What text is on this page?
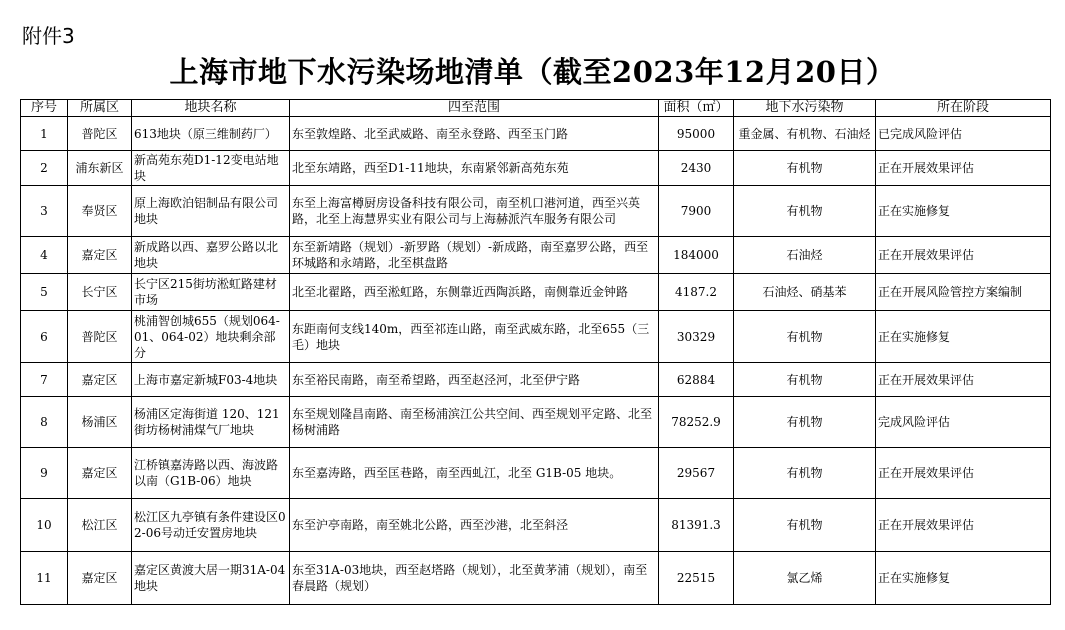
附件3
上海市地下水污染场地清单（截至2023年12月20日）
序号	所属区	地块名称	四至范围	面积（㎡）	地下水污染物	所在阶段
1	普陀区	613地块（原三维制药厂）	东至敦煌路、北至武威路、南至永登路、西至玉门路	95000	重金属、有机物、石油烃	已完成风险评估
2	浦东新区	新高苑东苑D1-12变电站地块	北至东靖路，西至D1-11地块，东南紧邻新高苑东苑	2430	有机物	正在开展效果评估
3	奉贤区	原上海欧泊铝制品有限公司地块	东至上海富樽厨房设备科技有限公司，南至机口港河道，西至兴英路，北至上海慧界实业有限公司与上海赫派汽车服务有限公司	7900	有机物	正在实施修复
4	嘉定区	新成路以西、嘉罗公路以北地块	东至新靖路（规划）-新罗路（规划）-新成路，南至嘉罗公路，西至环城路和永靖路，北至棋盘路	184000	石油烃	正在开展效果评估
5	长宁区	长宁区215街坊淞虹路建材市场	北至北翟路，西至淞虹路，东侧靠近西陶浜路，南侧靠近金钟路	4187.2	石油烃、硝基苯	正在开展风险管控方案编制
6	普陀区	桃浦智创城655（规划064-01、064-02）地块剩余部分	东距南何支线140m，西至祁连山路，南至武威东路，北至655（三毛）地块	30329	有机物	正在实施修复
7	嘉定区	上海市嘉定新城F03-4地块	东至裕民南路，南至希望路，西至赵泾河，北至伊宁路	62884	有机物	正在开展效果评估
8	杨浦区	杨浦区定海街道 120、121 街坊杨树浦煤气厂地块	东至规划隆昌南路、南至杨浦滨江公共空间、西至规划平定路、北至杨树浦路	78252.9	有机物	完成风险评估
9	嘉定区	江桥镇嘉涛路以西、海波路以南（G1B-06）地块	东至嘉涛路，西至匡巷路，南至西虬江，北至 G1B-05 地块。	29567	有机物	正在开展效果评估
10	松江区	松江区九亭镇有条件建设区02-06号动迁安置房地块	东至沪亭南路，南至姚北公路，西至沙港，北至斜泾	81391.3	有机物	正在开展效果评估
11	嘉定区	嘉定区黄渡大居一期31A-04地块	东至31A-03地块，西至赵塔路（规划），北至黄茅浦（规划），南至春晨路（规划）	22515	氯乙烯	正在实施修复
